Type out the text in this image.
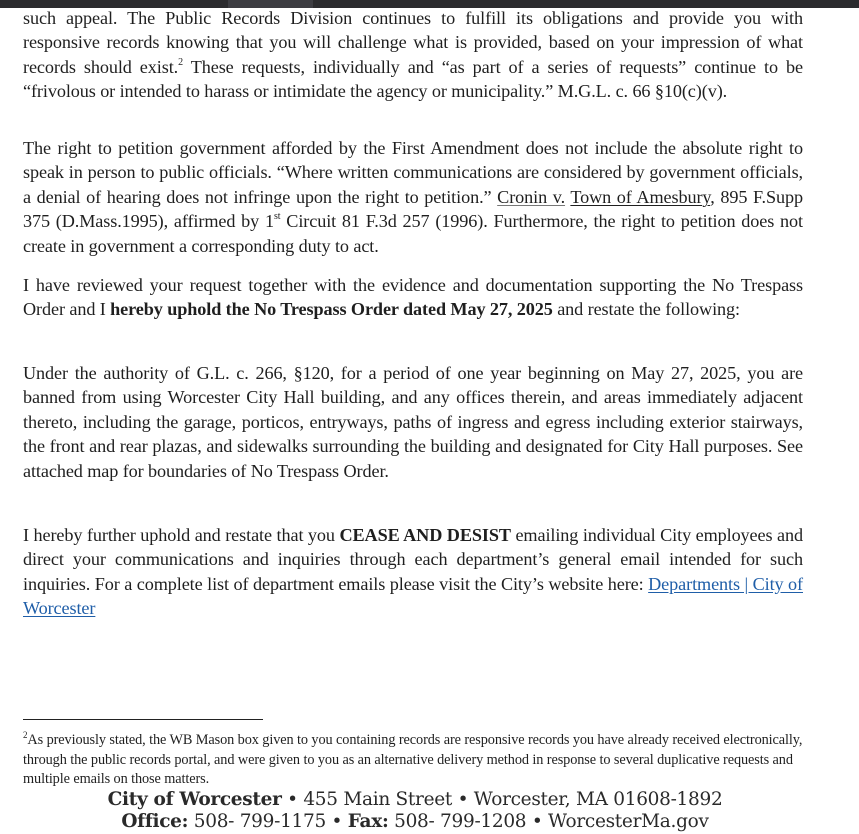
such appeal. The Public Records Division continues to fulfill its obligations and provide you with responsive records knowing that you will challenge what is provided, based on your impression of what records should exist.$^2$ These requests, individually and “as part of a series of requests” continue to be “frivolous or intended to harass or intimidate the agency or municipality.” M.G.L. c. 66 §10(c)(v).
The right to petition government afforded by the First Amendment does not include the absolute right to speak in person to public officials. “Where written communications are considered by government officials, a denial of hearing does not infringe upon the right to petition.” Cronin v. Town of Amesbury, 895 F.Supp 375 (D.Mass.1995), affirmed by 1st Circuit 81 F.3d 257 (1996). Furthermore, the right to petition does not create in government a corresponding duty to act.
I have reviewed your request together with the evidence and documentation supporting the No Trespass Order and I hereby uphold the No Trespass Order dated May 27, 2025 and restate the following:
Under the authority of G.L. c. 266, §120, for a period of one year beginning on May 27, 2025, you are banned from using Worcester City Hall building, and any offices therein, and areas immediately adjacent thereto, including the garage, porticos, entryways, paths of ingress and egress including exterior stairways, the front and rear plazas, and sidewalks surrounding the building and designated for City Hall purposes. See attached map for boundaries of No Trespass Order.
I hereby further uphold and restate that you CEASE AND DESIST emailing individual City employees and direct your communications and inquiries through each department’s general email intended for such inquiries. For a complete list of department emails please visit the City’s website here: Departments | City of Worcester
$^2$As previously stated, the WB Mason box given to you containing records are responsive records you have already received electronically, through the public records portal, and were given to you as an alternative delivery method in response to several duplicative requests and multiple emails on those matters.
City of Worcester • 455 Main Street • Worcester, MA 01608-1892
Office: 508- 799-1175 • Fax: 508- 799-1208 • WorcesterMa.gov
